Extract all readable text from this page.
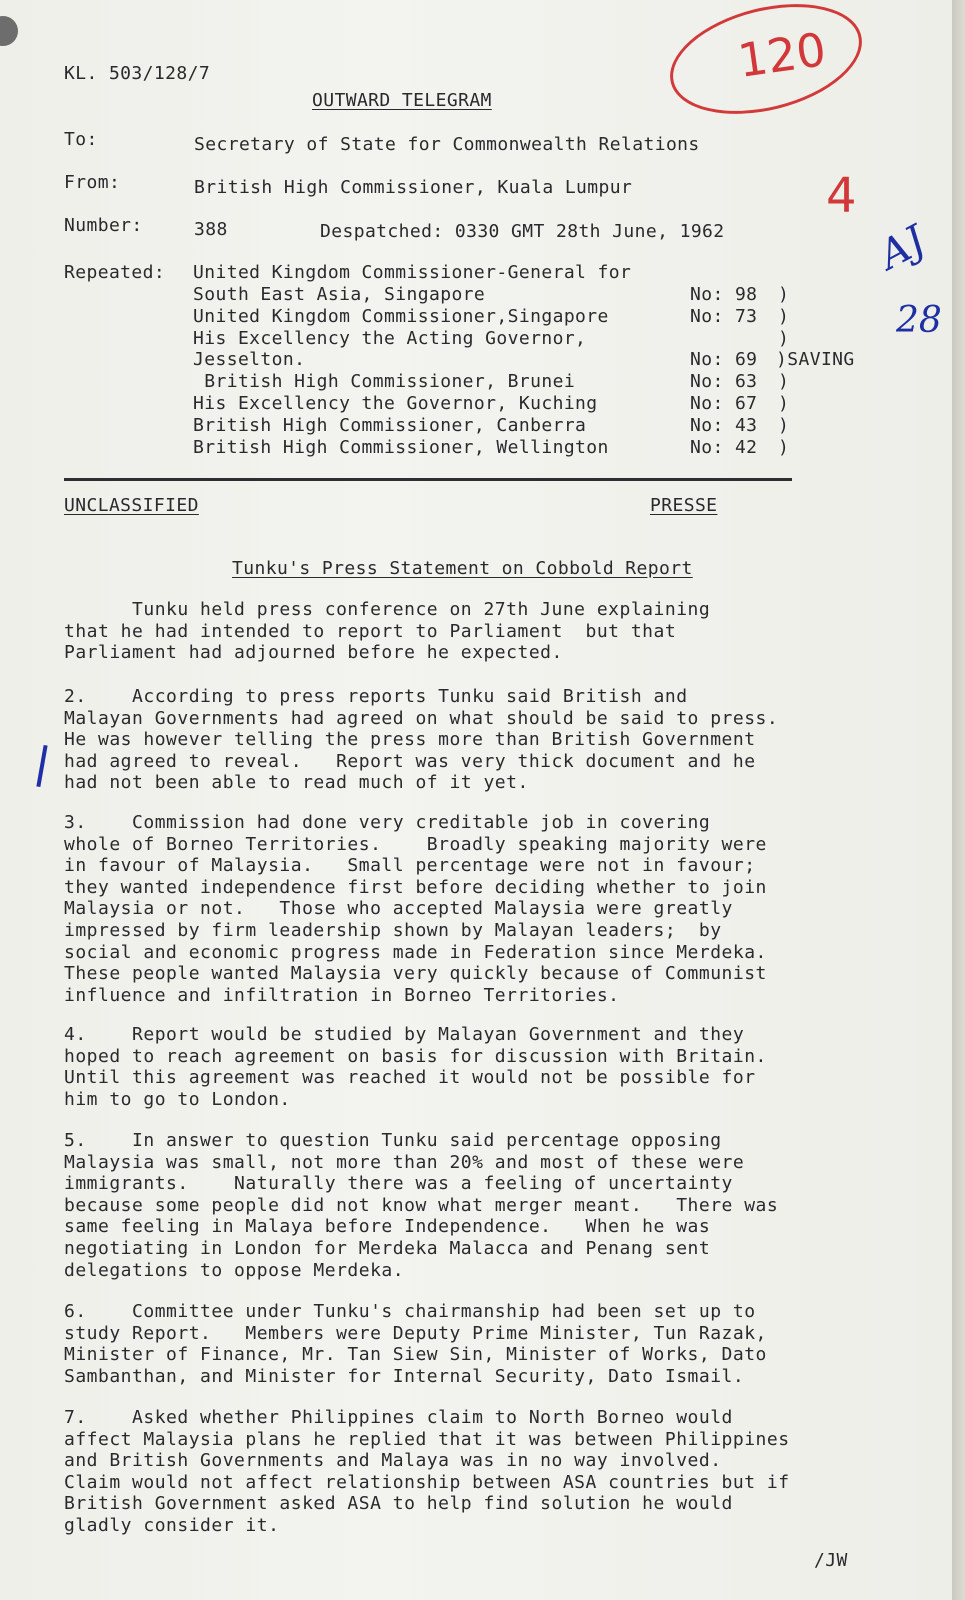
KL. 503/128/7
OUTWARD TELEGRAM
To:	Secretary of State for Commonwealth Relations
From:	British High Commissioner, Kuala Lumpur
Number:	388	Despatched: 0330 GMT 28th June, 1962
Repeated: United Kingdom Commissioner-General for
South East Asia, Singapore	No: 98 )
United Kingdom Commissioner,Singapore	No: 73 )
His Excellency the Acting Governor,	)
Jesselton.	No: 69 )SAVING
British High Commissioner, Brunei	No: 63 )
His Excellency the Governor, Kuching	No: 67 )
British High Commissioner, Canberra	No: 43 )
British High Commissioner, Wellington	No: 42 )
UNCLASSIFIED	PRESSE
Tunku's Press Statement on Cobbold Report
Tunku held press conference on 27th June explaining
that he had intended to report to Parliament  but that
Parliament had adjourned before he expected.
2.    According to press reports Tunku said British and
Malayan Governments had agreed on what should be said to press.
He was however telling the press more than British Government
had agreed to reveal.   Report was very thick document and he
had not been able to read much of it yet.
3.    Commission had done very creditable job in covering
whole of Borneo Territories.    Broadly speaking majority were
in favour of Malaysia.   Small percentage were not in favour;
they wanted independence first before deciding whether to join
Malaysia or not.   Those who accepted Malaysia were greatly
impressed by firm leadership shown by Malayan leaders;  by
social and economic progress made in Federation since Merdeka.
These people wanted Malaysia very quickly because of Communist
influence and infiltration in Borneo Territories.
4.    Report would be studied by Malayan Government and they
hoped to reach agreement on basis for discussion with Britain.
Until this agreement was reached it would not be possible for
him to go to London.
5.    In answer to question Tunku said percentage opposing
Malaysia was small, not more than 20% and most of these were
immigrants.    Naturally there was a feeling of uncertainty
because some people did not know what merger meant.   There was
same feeling in Malaya before Independence.   When he was
negotiating in London for Merdeka Malacca and Penang sent
delegations to oppose Merdeka.
6.    Committee under Tunku's chairmanship had been set up to
study Report.   Members were Deputy Prime Minister, Tun Razak,
Minister of Finance, Mr. Tan Siew Sin, Minister of Works, Dato
Sambanthan, and Minister for Internal Security, Dato Ismail.
7.    Asked whether Philippines claim to North Borneo would
affect Malaysia plans he replied that it was between Philippines
and British Governments and Malaya was in no way involved.
Claim would not affect relationship between ASA countries but if
British Government asked ASA to help find solution he would
gladly consider it.
/JW
120
4
AJ
28
